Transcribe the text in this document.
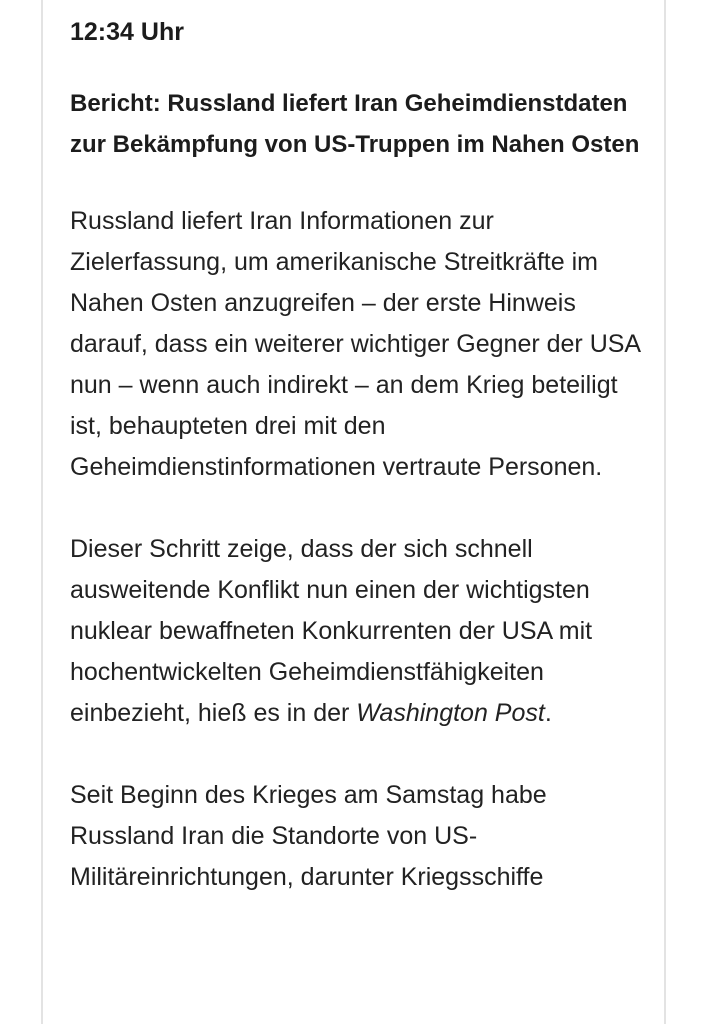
12:34 Uhr
Bericht: Russland liefert Iran Geheimdienstdaten zur Bekämpfung von US-Truppen im Nahen Osten

Russland liefert Iran Informationen zur Zielerfassung, um amerikanische Streitkräfte im Nahen Osten anzugreifen – der erste Hinweis darauf, dass ein weiterer wichtiger Gegner der USA nun – wenn auch indirekt – an dem Krieg beteiligt ist, behaupteten drei mit den Geheimdienstinformationen vertraute Personen.

Dieser Schritt zeige, dass der sich schnell ausweitende Konflikt nun einen der wichtigsten nuklear bewaffneten Konkurrenten der USA mit hochentwickelten Geheimdienstfähigkeiten einbezieht, hieß es in der Washington Post.

Seit Beginn des Krieges am Samstag habe Russland Iran die Standorte von US-Militäreinrichtungen, darunter Kriegsschiffe
